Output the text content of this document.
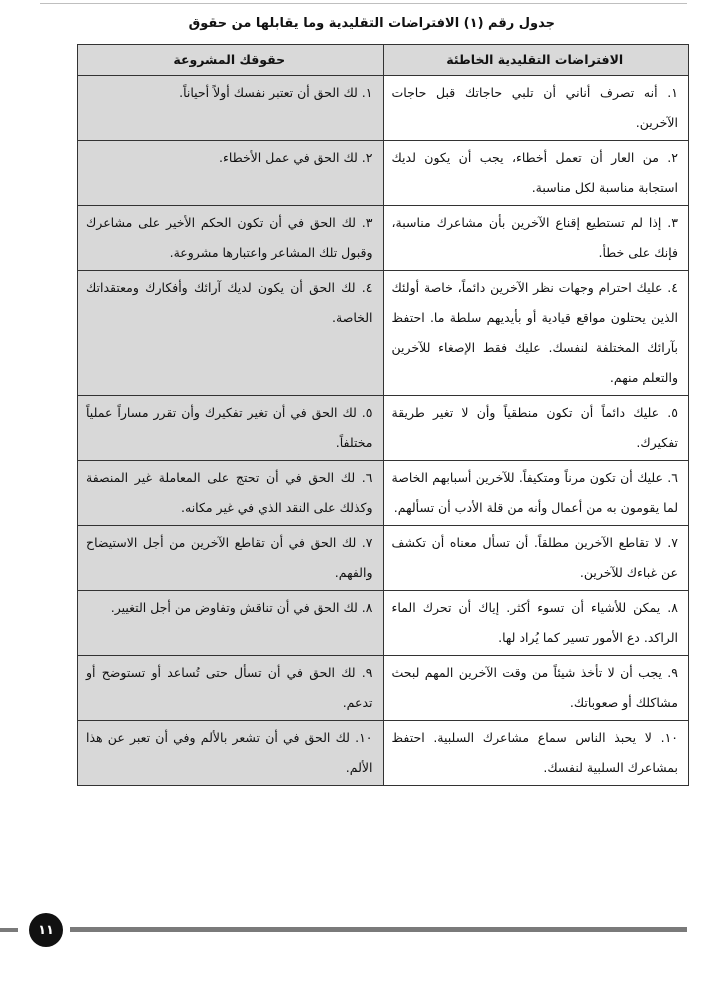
جدول رقم (١) الافتراضات التقليدية وما يقابلها من حقوق
الافتراضات التقليدية الخاطئة	حقوقك المشروعة
١. أنه تصرف أناني أن تلبي حاجاتك قبل حاجات الآخرين.	١. لك الحق أن تعتبر نفسك أولاً أحياناً.
٢. من العار أن تعمل أخطاء، يجب أن يكون لديك استجابة مناسبة لكل مناسبة.	٢. لك الحق في عمل الأخطاء.
٣. إذا لم تستطيع إقناع الآخرين بأن مشاعرك مناسبة، فإنك على خطأ.	٣. لك الحق في أن تكون الحكم الأخير على مشاعرك وقبول تلك المشاعر واعتبارها مشروعة.
٤. عليك احترام وجهات نظر الآخرين دائماً، خاصة أولئك الذين يحتلون مواقع قيادية أو بأيديهم سلطة ما. احتفظ بآرائك المختلفة لنفسك. عليك فقط الإصغاء للآخرين والتعلم منهم.	٤. لك الحق أن يكون لديك آرائك وأفكارك ومعتقداتك الخاصة.
٥. عليك دائماً أن تكون منطقياً وأن لا تغير طريقة تفكيرك.	٥. لك الحق في أن تغير تفكيرك وأن تقرر مساراً عملياً مختلفاً.
٦. عليك أن تكون مرناً ومتكيفاً. للآخرين أسبابهم الخاصة لما يقومون به من أعمال وأنه من قلة الأدب أن تسألهم.	٦. لك الحق في أن تحتج على المعاملة غير المنصفة وكذلك على النقد الذي في غير مكانه.
٧. لا تقاطع الآخرين مطلقاً. أن تسأل معناه أن تكشف عن غباءك للآخرين.	٧. لك الحق في أن تقاطع الآخرين من أجل الاستيضاح والفهم.
٨. يمكن للأشياء أن تسوء أكثر. إياك أن تحرك الماء الراكد. دع الأمور تسير كما يُراد لها.	٨. لك الحق في أن تناقش وتفاوض من أجل التغيير.
٩. يجب أن لا تأخذ شيئاً من وقت الآخرين المهم لبحث مشاكلك أو صعوباتك.	٩. لك الحق في أن تسأل حتى تُساعد أو تستوضح أو تدعم.
١٠. لا يحبذ الناس سماع مشاعرك السلبية. احتفظ بمشاعرك السلبية لنفسك.	١٠. لك الحق في أن تشعر بالألم وفي أن تعبر عن هذا الألم.
١١
